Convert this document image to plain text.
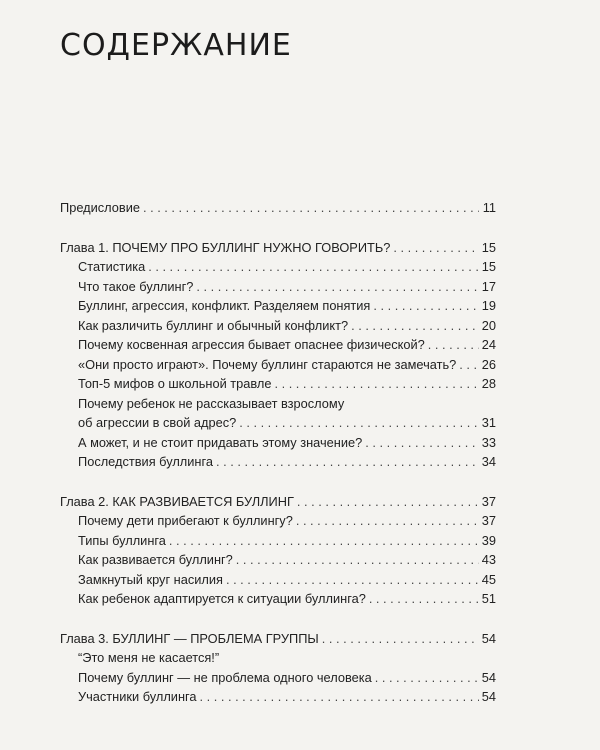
СОДЕРЖАНИЕ
Предисловие . . .	11
Глава 1. ПОЧЕМУ ПРО БУЛЛИНГ НУЖНО ГОВОРИТЬ? . . .	15
Статистика . . .	15
Что такое буллинг? . . .	17
Буллинг, агрессия, конфликт. Разделяем понятия . . .	19
Как различить буллинг и обычный конфликт? . . .	20
Почему косвенная агрессия бывает опаснее физической? . . .	24
«Они просто играют». Почему буллинг стараются не замечать? . . . 26
Топ-5 мифов о школьной травле . . .	28
Почему ребенок не рассказывает взрослому
об агрессии в свой адрес? . . .	31
А может, и не стоит придавать этому значение? . . .	33
Последствия буллинга . . .	34
Глава 2. КАК РАЗВИВАЕТСЯ БУЛЛИНГ . . .	37
Почему дети прибегают к буллингу? . . .	37
Типы буллинга . . .	39
Как развивается буллинг? . . .	43
Замкнутый круг насилия . . .	45
Как ребенок адаптируется к ситуации буллинга? . . .	51
Глава 3. БУЛЛИНГ — ПРОБЛЕМА ГРУППЫ . . .	54
“Это меня не касается!”
Почему буллинг — не проблема одного человека . . .	54
Участники буллинга . . .	54
